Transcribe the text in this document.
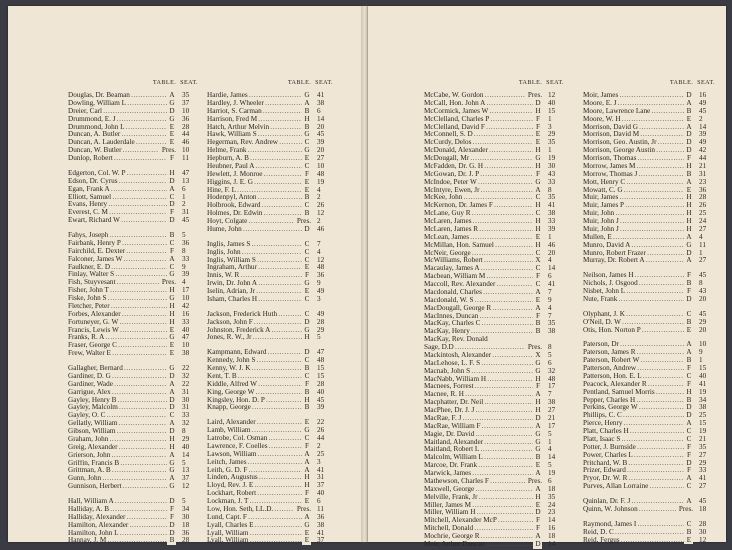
TABLE. SEAT.
Douglas, Dr. Beaman . . .	A 35
Dowling, William L . . .	G 37
Dreier, Carl . . .	D 10
Drummond, E. J . . .	G 36
Drummond, John L . . .	E 28
Duncan, A. Butler . . .	E 44
Duncan, A. Lauderdale . . .	E 46
Duncan, W. Butler . . .	Pres. 10
Dunlop, Robert . . .	F 11
Edgerton, Col. W. P . . .	H 47
Edson, Dr. Cyrus . . .	D 13
Egan, Frank A . . .	A 6
Elliott, Samuel . . .	C 1
Evans, Henry . . .	D 2
Everest, C. M . . .	F 31
Ewart, Richard W . . .	D 45
Fahys, Joseph . . .	B 5
Fairbank, Henry P . . .	C 36
Fairchild, E. Dexter . . .	F 8
Falconer, James W . . .	A 33
Faulkner, E. D . . .	C 9
Finlay, Walter S . . .	G 39
Fish, Stuyvesant . . .	Pres. 4
Fisher, John T . . .	H 17
Fiske, John S . . .	G 10
Fletcher, Peter . . .	H 42
Forbes, Alexander . . .	H 16
Fortuneyer, G. W . . .	H 33
Francis, Lewis W . . .	E 40
Franks, R. A . . .	G 47
Fraser, George C . . .	E 10
Frew, Walter E . . .	E 38
Gallagher, Bernard . . .	G 22
Gardiner, D. G . . .	D 32
Gardiner, Wade . . .	A 22
Garrigue, Alex . . .	A 31
Gayley, Henry B . . .	D 30
Gayley, Malcolm . . .	D 31
Gayley, O. C . . .	C 33
Gellatly, William . . .	A 32
Gibson, William . . .	D 8
Graham, John . . .	H 29
Greig, Alexander . . .	H 40
Grierson, John . . .	A 14
Griffin, Francis B . . .	G 5
Grittman, A. B . . .	G 13
Gunn, John . . .	A 37
Gunnison, Herbert . . .	G 12
Hall, William A . . .	D 5
Halliday, A. B . . .	F 34
Halliday, Alexander . . .	F 30
Hamilton, Alexander . . .	D 18
Hamilton, John L . . .	D 36
Hannay, J. M . . .	B 28
TABLE. SEAT.
Hardie, James . . .	G 41
Hardley, J. Wheeler . . .	A 38
Harriot, S. Carman . . .	B 6
Harrison, Fred M . . .	H 14
Hatch, Arthur Melvin . . .	B 20
Hawk, William S . . .	G 45
Hegerman, Rev. Andrew . . .	C 39
Helme, Frank . . .	G 20
Hepburn, A. B . . .	E 27
Heubner, Paul A . . .	C 10
Hewlett, J. Monroe . . .	F 48
Higgins, J. E. G . . .	E 19
Hine, F. L . . .	E 4
Hodenpyl, Anton . . .	B 2
Holbrook, Edward . . .	C 26
Holmes, Dr. Edwin . . .	B 12
Hoyt, Colgate . . .	Pres. 2
Hume, John . . .	D 46
Inglis, James S . . .	C 7
Inglis, John . . .	C 4
Inglis, William S . . .	C 12
Ingraham, Arthur . . .	E 48
Innis, W. R . . .	F 36
Irwin, Dr. John A . . .	G 9
Iselin, Adrian, Jr . . .	E 49
Isham, Charles H . . .	C 3
Jackson, Frederick Huth . . .	C 49
Jackson, John F . . .	D 28
Johnston, Frederick A . . .	G 29
Jones, R. W., Jr . . .	H 5
Kampmann, Edward . . .	D 47
Kennedy, John S . . .	C 48
Kenny, W. J. K . . .	B 15
Kent, T. B . . .	C 15
Kiddle, Alfred W . . .	F 28
King, George W . . .	B 40
Kingsley, Hon. D. P . . .	H 45
Knapp, George . . .	B 39
Laird, Alexander . . .	E 22
Lamb, William . . .	G 26
Latrobe, Col. Osman . . .	C 44
Lawrence, F. Coelles . . .	F 2
Lawson, William . . .	A 25
Leitch, James . . .	A 3
Leith, G. D. F . . .	A 41
Linden, Augustus . . .	H 31
Lloyd, Rev. J. E . . .	H 37
Lockhart, Robert . . .	F 40
Lockman, J. T . . .	E 6
Low, Hon. Seth, LL.D. . . .	Pres. 11
Lund, Capt. F . . .	A 36
Lyall, Charles E . . .	G 38
Lyall, William . . .	E 41
Lyall, William . . .	E 37
TABLE. SEAT.
McCabe, W. Gordon . . .	Pres. 12
McCall, Hon. John A . . .	D 40
McCormick, James W . . .	H 15
McClelland, Charles P . . .	F 1
McClelland, David F . . .	F 3
McConnell, S. D . . .	E 29
McCurdy, Delos . . .	E 35
McDonald, Alexander . . .	H 1
McDougall, Mr . . .	G 19
McFadden, Dr. G. H . . .	H 30
McGowan, Dr. J. P . . .	F 43
McIndoe, Peter W . . .	G 33
McIntyre, Ewen, Jr . . .	A 8
McKee, John . . .	C 35
McKernon, Dr. James F . . .	H 41
McLane, Guy R . . .	C 38
McLaren, James . . .	H 33
McLaren, James R . . .	H 39
McLean, James . . .	E 1
McMillan, Hon. Samuel . . .	H 46
McNeir, George . . .	C 20
McWilliams, Robert . . .	X 4
Macaulay, James A . . .	C 14
Macbean, William M . . .	F 6
Maccoll, Rev. Alexander . . .	C 41
Macdonald, Charles . . .	A 7
Macdonald, W. S . . .	E 9
MacDougall, George R . . .	A 4
MacInnes, Duncan . . .	F 7
MacKay, Charles C . . .	B 35
MacKay, Henry . . .	B 38
MacKay, Rev. Donald
Sage, D.D . . .	Pres. 8
Mackintosh, Alexander . . .	X 5
MacLehose, L. F. S . . .	G 6
Macnab, John S . . .	G 32
MacNabb, William H . . .	H 48
Macnees, Forrest . . .	F 17
Macnee, R. H . . .	A 7
Macphatter, Dr. Neil . . .	H 38
MacPhee, Dr. J. J . . .	H 27
MacRae, F. J . . .	D 21
MacRae, William F . . .	A 17
Magie, Dr. David . . .	G 5
Maitland, Alexander . . .	G 1
Maitland, Robert L . . .	G 4
Malcolm, William L . . .	B 14
Marcoe, Dr. Frank . . .	E 5
Marwick, James . . .	A 19
Mathewson, Charles F . . .	Pres. 6
Maxwell, George . . .	A 18
Melville, Frank, Jr . . .	H 35
Miller, James M . . .	E 24
Miller, William H . . .	D 23
Mitchell, Alexander McP . . .	F 14
Mitchell, Donald . . .	F 16
Mochrie, George R . . .	A 18
Moir, Arthur Duncan . . .	D 14
TABLE. SEAT.
Moir, James . . .	D 16
Moore, E. J . . .	A 49
Moore, Lawrence Lane . . .	B 45
Moore, W. H . . .	E 2
Morrison, David G . . .	A 14
Morrison, David M . . .	D 39
Morrison, Geo. Austin, Jr . . .	D 49
Morrison, George Austin . . .	D 42
Morrison, Thomas . . .	F 44
Morrow, James M . . .	H 21
Morrow, Thomas J . . .	B 31
Mott, Henry C . . .	A 23
Mowatt, C. G . . .	E 36
Muir, James . . .	H 28
Muir, James P . . .	H 26
Muir, John . . .	H 25
Muir, John J . . .	H 24
Muir, John J . . .	H 27
Mullen, E . . .	A 4
Munro, David A . . .	G 11
Munro, Robert Frazer . . .	D 1
Murray, Dr. Robert A . . .	A 27
Neilson, James H . . .	F 45
Nichols, J. Osgood . . .	B 8
Nisbet, John L . . .	F 43
Nute, Frank . . .	D 20
Olyphant, J. K . . .	C 45
O'Neil, D. W . . .	B 29
Otis, Hon. Norton P . . .	E 20
Paterson, Dr . . .	A 10
Paterson, James R . . .	A 9
Paterson, Robert W . . .	B 1
Patterson, Andrew . . .	F 15
Patterson, Hon. E. L . . .	C 40
Peacock, Alexander R . . .	F 41
Pentland, Samuel Morris . . .	H 19
Pepper, Charles H . . .	B 34
Perkins, George W . . .	D 38
Phillips, C. C . . .	D 25
Pierce, Henry . . .	A 15
Platt, Charles H . . .	C 19
Platt, Isaac S . . .	C 21
Potter, J. Burnside . . .	F 35
Power, Charles L . . .	F 27
Pritchard, W. B . . .	D 29
Prizer, Edward . . .	F 33
Pryor, Dr. W. R . . .	A 41
Purves, Allan Lorraine . . .	C 27
Quinlan, Dr. F. J . . .	A 45
Quinn, W. Johnson . . .	Pres. 18
Raymond, James I . . .	C 28
Reid, D. C . . .	B 30
Reid, Fergus . . .	E 12
